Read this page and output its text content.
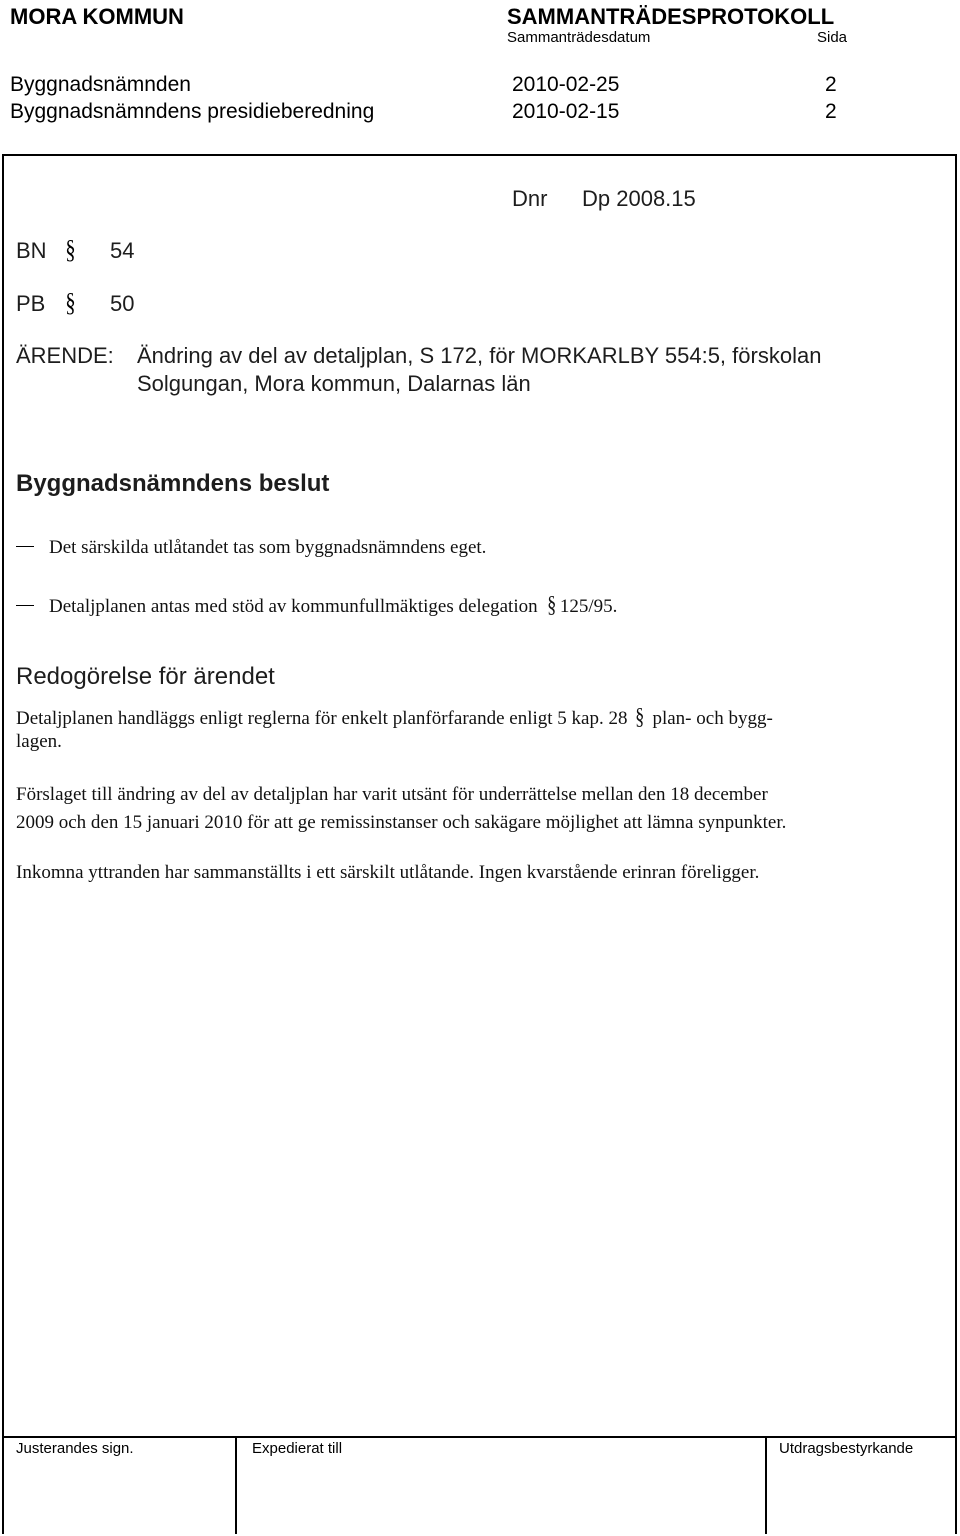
MORA KOMMUN	SAMMANTRÄDESPROTOKOLL
Sammanträdesdatum	Sida
Byggnadsnämnden	2010-02-25	2
Byggnadsnämndens presidieberedning	2010-02-15	2
Dnr Dp 2008.15
BN § 54
PB § 50
ÄRENDE: Ändring av del av detaljplan, S 172, för MORKARLBY 554:5, förskolan
Solgungan, Mora kommun, Dalarnas län
Byggnadsnämndens beslut
Det särskilda utlåtandet tas som byggnadsnämndens eget.
Detaljplanen antas med stöd av kommunfullmäktiges delegation § 125/95.
Redogörelse för ärendet
Detaljplanen handläggs enligt reglerna för enkelt planförfarande enligt 5 kap. 28 § plan- och bygg-
lagen.
Förslaget till ändring av del av detaljplan har varit utsänt för underrättelse mellan den 18 december
2009 och den 15 januari 2010 för att ge remissinstanser och sakägare möjlighet att lämna synpunkter.
Inkomna yttranden har sammanställts i ett särskilt utlåtande. Ingen kvarstående erinran föreligger.
Justerandes sign.	Expedierat till	Utdragsbestyrkande
